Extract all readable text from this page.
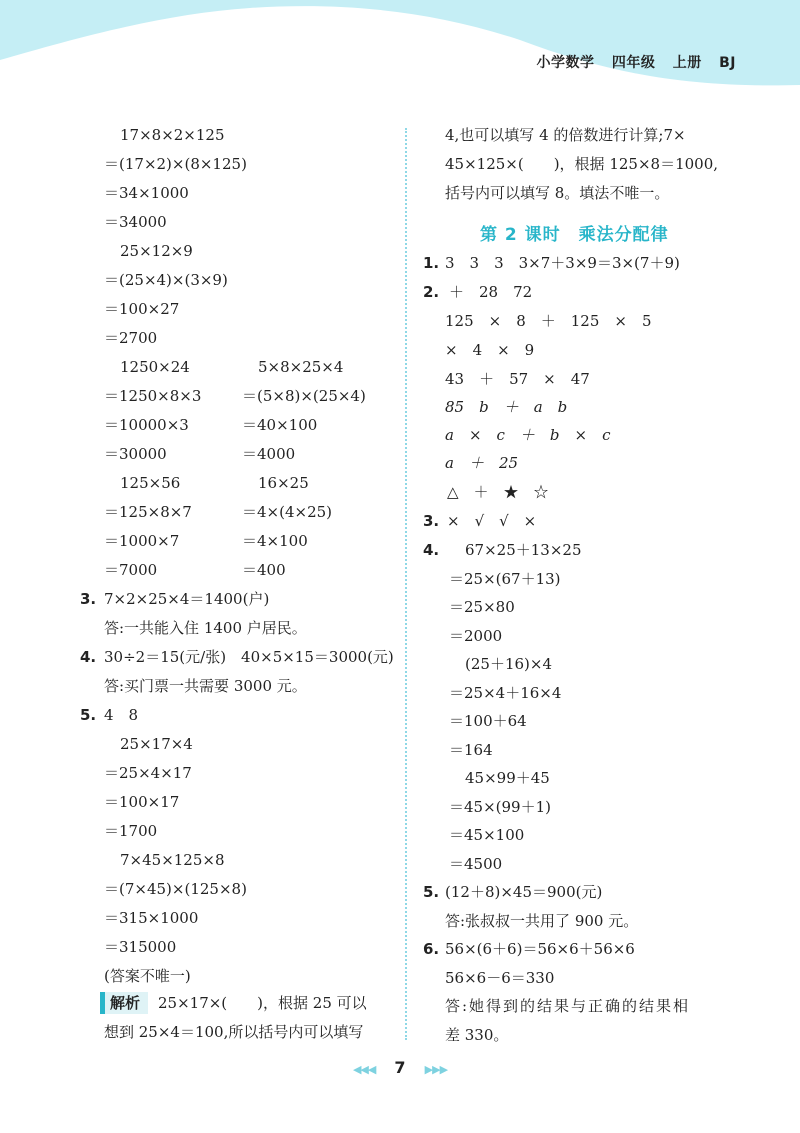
小学数学 四年级 上册 BJ
17×8×2×125
＝(17×2)×(8×125)
＝34×1000
＝34000
25×12×9
＝(25×4)×(3×9)
＝100×27
＝2700
1250×24
＝1250×8×3
＝10000×3
＝30000
5×8×25×4
＝(5×8)×(25×4)
＝40×100
＝4000
125×56
＝125×8×7
＝1000×7
＝7000
16×25
＝4×(4×25)
＝4×100
＝400
3. 7×2×25×4＝1400(户)
答:一共能入住 1400 户居民。
4. 30÷2＝15(元/张)　40×5×15＝3000(元)
答:买门票一共需要 3000 元。
5. 4　8
25×17×4
＝25×4×17
＝100×17
＝1700
7×45×125×8
＝(7×45)×(125×8)
＝315×1000
＝315000
(答案不唯一)
解析	25×17×(　　)，根据 25 可以
想到 25×4＝100,所以括号内可以填写
4,也可以填写 4 的倍数进行计算;7×
45×125×(　　)，根据 125×8＝1000,
括号内可以填写 8。填法不唯一。
第 2 课时　乘法分配律
1. 3　3　3　3×7＋3×9＝3×(7＋9)
2. ＋　28　72
125　×　8　＋　125　×　5
×　4　×　9
43　＋　57　×　47
85　b　＋　a　b
a　×　c　＋　b　×　c
a　＋　25
△　＋　★　☆
3. ×　√　√　×
4. 67×25＋13×25
＝25×(67＋13)
＝25×80
＝2000
(25＋16)×4
＝25×4＋16×4
＝100＋64
＝164
45×99＋45
＝45×(99＋1)
＝45×100
＝4500
5. (12＋8)×45＝900(元)
答:张叔叔一共用了 900 元。
6. 56×(6＋6)＝56×6＋56×6
56×6－6＝330
答:她得到的结果与正确的结果相
差 330。
◀◀◀ 7 ▶▶▶
